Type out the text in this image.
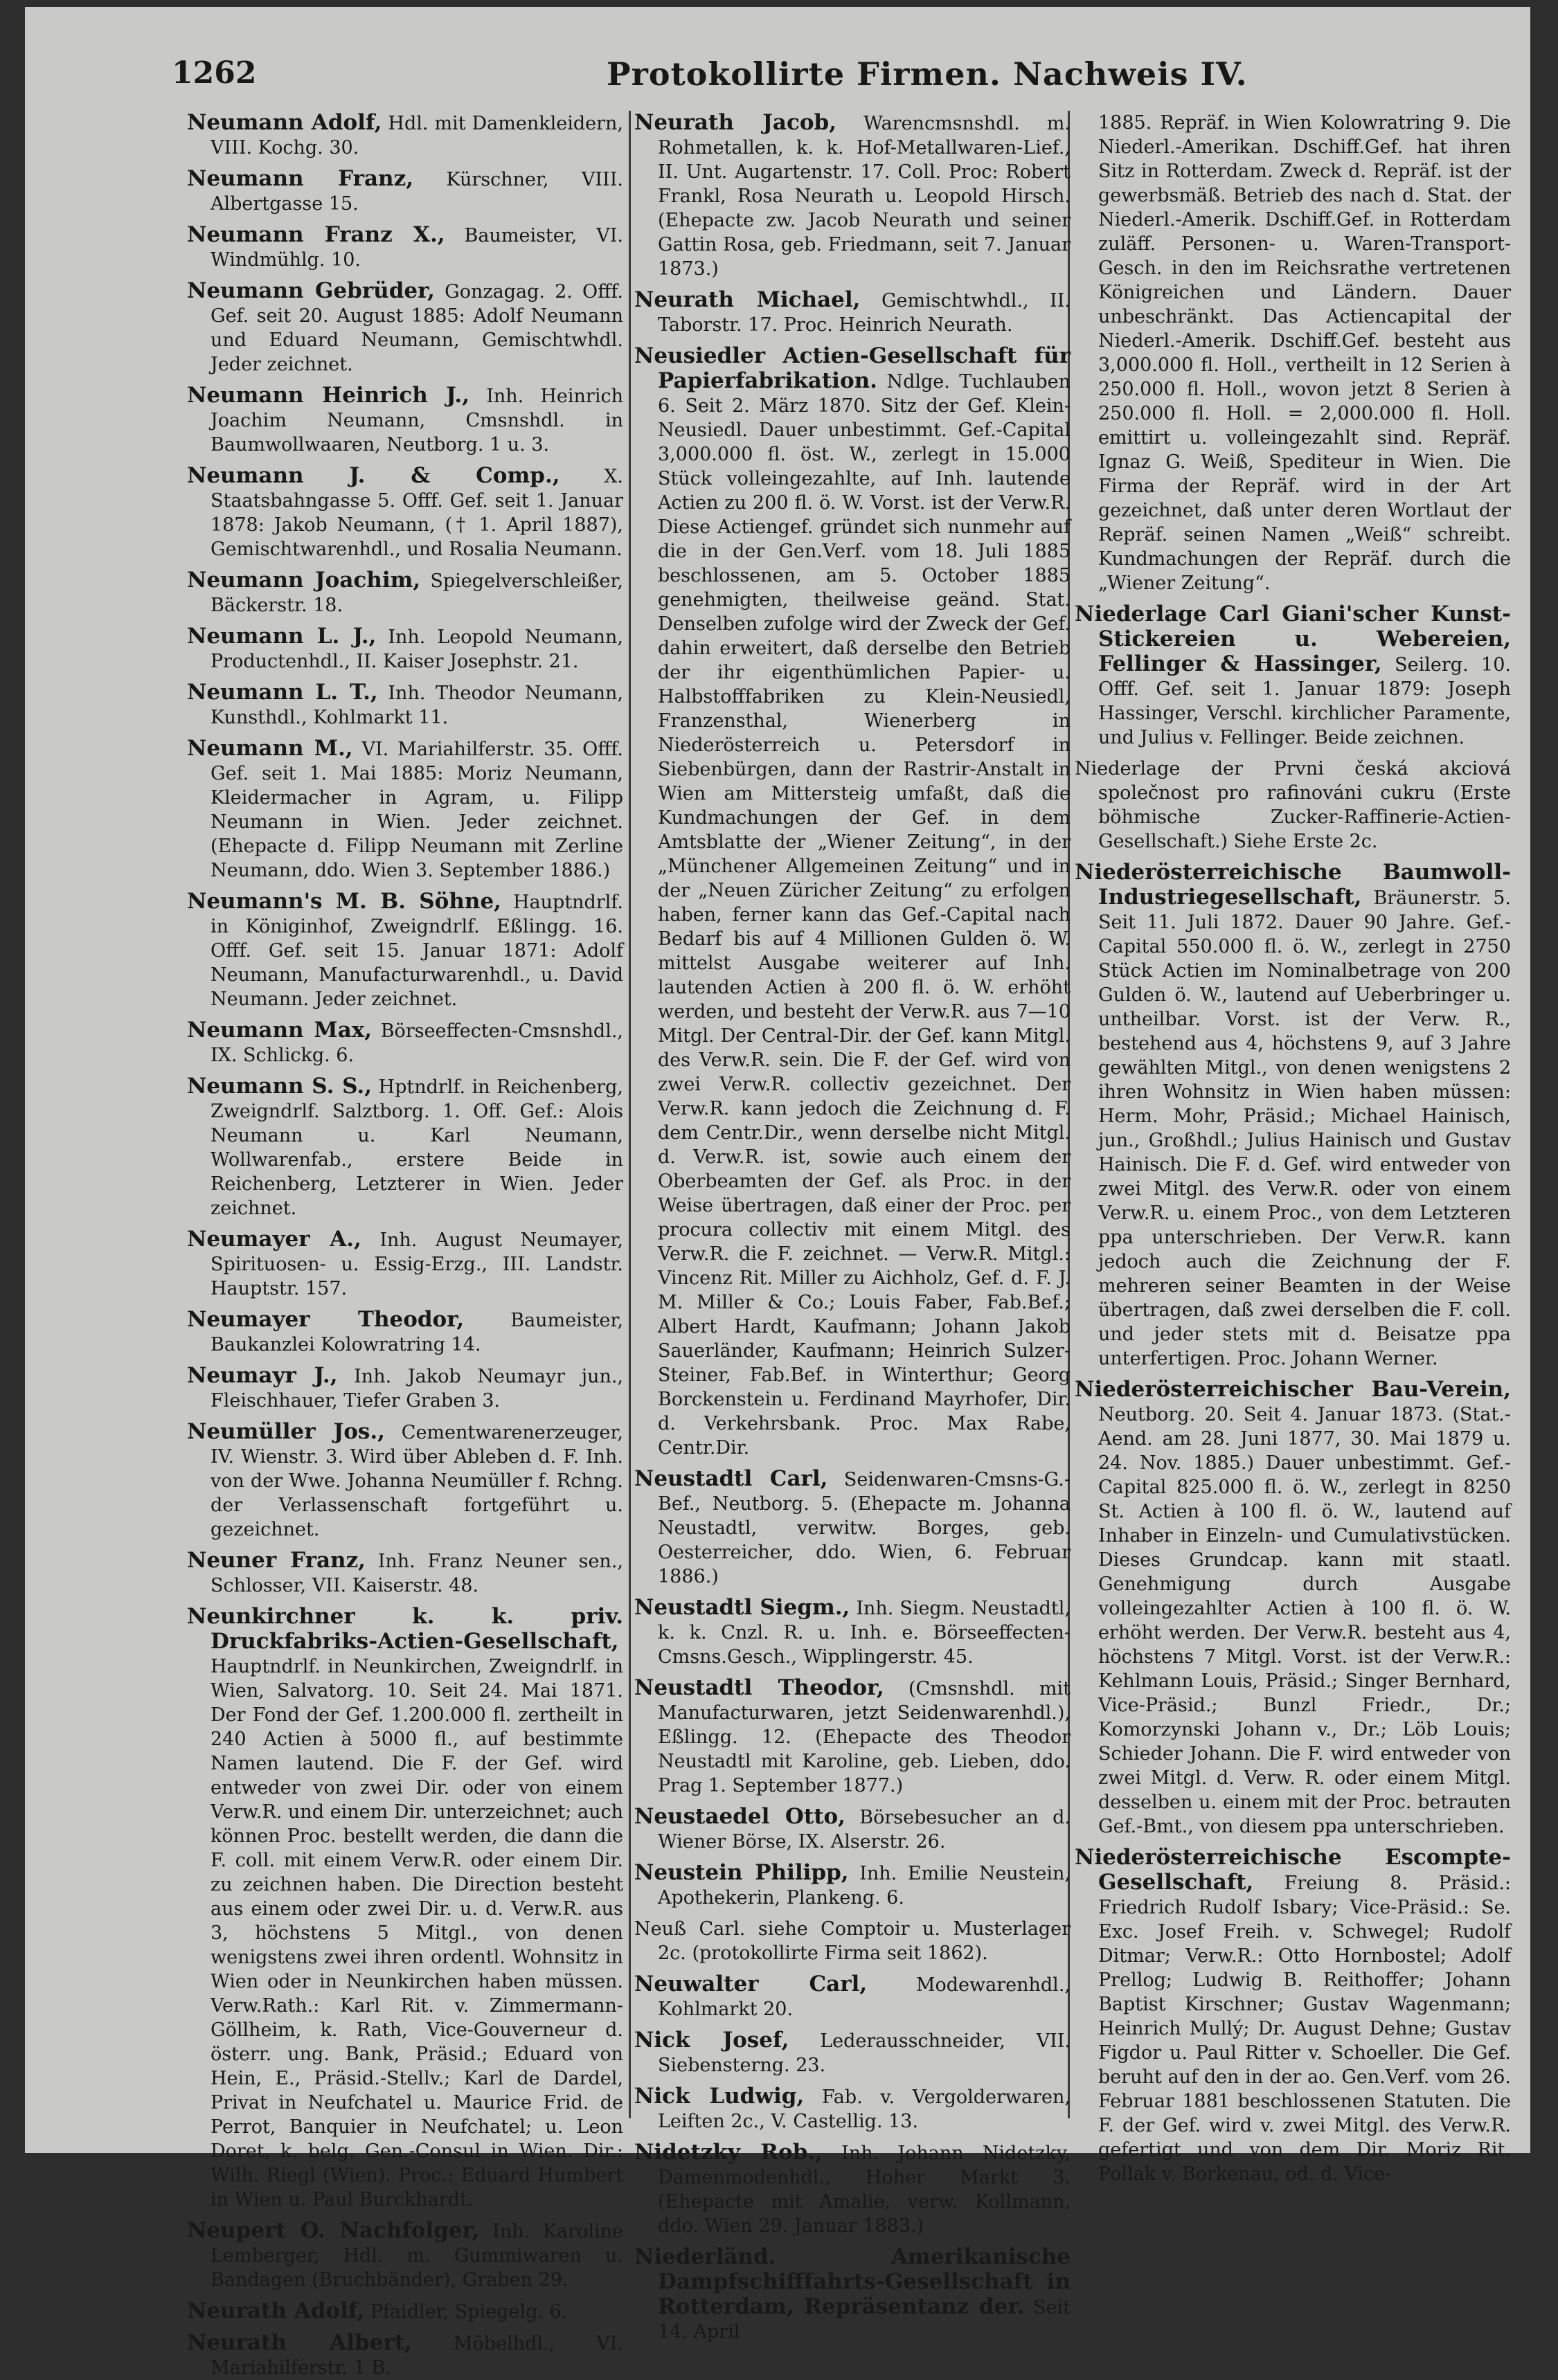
1262	Protokollirte Firmen. Nachweis IV.

Neumann Adolf, Hdl. mit Damenkleidern, VIII. Kochg. 30.

Neumann Franz, Kürschner, VIII. Albertgasse 15.

Neumann Franz X., Baumeister, VI. Windmühlg. 10.

Neumann Gebrüder, Gonzagag. 2. Offf. Gef. seit 20. August 1885: Adolf Neumann und Eduard Neumann, Gemischtwhdl. Jeder zeichnet.

Neumann Heinrich J., Inh. Heinrich Joachim Neumann, Cmsnshdl. in Baumwollwaaren, Neutborg. 1 u. 3.

Neumann J. & Comp., X. Staatsbahngasse 5. Offf. Gef. seit 1. Januar 1878: Jakob Neumann, († 1. April 1887), Gemischtwarenhdl., und Rosalia Neumann.

Neumann Joachim, Spiegelverschleißer, Bäckerstr. 18.

Neumann L. J., Inh. Leopold Neumann, Productenhdl., II. Kaiser Josephstr. 21.

Neumann L. T., Inh. Theodor Neumann, Kunsthdl., Kohlmarkt 11.

Neumann M., VI. Mariahilferstr. 35. Offf. Gef. seit 1. Mai 1885: Moriz Neumann, Kleidermacher in Agram, u. Filipp Neumann in Wien. Jeder zeichnet. (Ehepacte d. Filipp Neumann mit Zerline Neumann, ddo. Wien 3. September 1886.)

Neumann's M. B. Söhne, Hauptndrlf. in Königinhof, Zweigndrlf. Eßlingg. 16. Offf. Gef. seit 15. Januar 1871: Adolf Neumann, Manufacturwarenhdl., u. David Neumann. Jeder zeichnet.

Neumann Max, Börseeffecten-Cmsnshdl., IX. Schlickg. 6.

Neumann S. S., Hptndrlf. in Reichenberg, Zweigndrlf. Salztborg. 1. Off. Gef.: Alois Neumann u. Karl Neumann, Wollwarenfab., erstere Beide in Reichenberg, Letzterer in Wien. Jeder zeichnet.

Neumayer A., Inh. August Neumayer, Spirituosen- u. Essig-Erzg., III. Landstr. Hauptstr. 157.

Neumayer Theodor, Baumeister, Baukanzlei Kolowratring 14.

Neumayr J., Inh. Jakob Neumayr jun., Fleischhauer, Tiefer Graben 3.

Neumüller Jos., Cementwarenerzeuger, IV. Wienstr. 3. Wird über Ableben d. F. Inh. von der Wwe. Johanna Neumüller f. Rchng. der Verlassenschaft fortgeführt u. gezeichnet.

Neuner Franz, Inh. Franz Neuner sen., Schlosser, VII. Kaiserstr. 48.

Neunkirchner k. k. priv. Druckfabriks-Actien-Gesellschaft, Hauptndrlf. in Neunkirchen, Zweigndrlf. in Wien, Salvatorg. 10. Seit 24. Mai 1871. Der Fond der Gef. 1.200.000 fl. zertheilt in 240 Actien à 5000 fl., auf bestimmte Namen lautend. Die F. der Gef. wird entweder von zwei Dir. oder von einem Verw.R. und einem Dir. unterzeichnet; auch können Proc. bestellt werden, die dann die F. coll. mit einem Verw.R. oder einem Dir. zu zeichnen haben. Die Direction besteht aus einem oder zwei Dir. u. d. Verw.R. aus 3, höchstens 5 Mitgl., von denen wenigstens zwei ihren ordentl. Wohnsitz in Wien oder in Neunkirchen haben müssen. Verw.Rath.: Karl Rit. v. Zimmermann-Göllheim, k. Rath, Vice-Gouverneur d. österr. ung. Bank, Präsid.; Eduard von Hein, E., Präsid.-Stellv.; Karl de Dardel, Privat in Neufchatel u. Maurice Frid. de Perrot, Banquier in Neufchatel; u. Leon Doret, k. belg. Gen.-Consul in Wien. Dir.: Wilh. Riegl (Wien). Proc.: Eduard Humbert in Wien u. Paul Burckhardt.

Neupert O. Nachfolger, Inh. Karoline Lemberger, Hdl. m. Gummiwaren u. Bandagen (Bruchbänder), Graben 29.

Neurath Adolf, Pfaidler, Spiegelg. 6.

Neurath Albert, Möbelhdl., VI. Mariahilferstr. 1 B.

Neurath Jacob, Warencmsnshdl. m. Rohmetallen, k. k. Hof-Metallwaren-Lief., II. Unt. Augartenstr. 17. Coll. Proc: Robert Frankl, Rosa Neurath u. Leopold Hirsch. (Ehepacte zw. Jacob Neurath und seiner Gattin Rosa, geb. Friedmann, seit 7. Januar 1873.)

Neurath Michael, Gemischtwhdl., II. Taborstr. 17. Proc. Heinrich Neurath.

Neusiedler Actien-Gesellschaft für Papierfabrikation. Ndlge. Tuchlauben 6. Seit 2. März 1870. Sitz der Gef. Klein-Neusiedl. Dauer unbestimmt. Gef.-Capital 3,000.000 fl. öst. W., zerlegt in 15.000 Stück volleingezahlte, auf Inh. lautende Actien zu 200 fl. ö. W. Vorst. ist der Verw.R. Diese Actiengef. gründet sich nunmehr auf die in der Gen.Verf. vom 18. Juli 1885 beschlossenen, am 5. October 1885 genehmigten, theilweise geänd. Stat. Denselben zufolge wird der Zweck der Gef. dahin erweitert, daß derselbe den Betrieb der ihr eigenthümlichen Papier- u. Halbstofffabriken zu Klein-Neusiedl, Franzensthal, Wienerberg in Niederösterreich u. Petersdorf in Siebenbürgen, dann der Rastrir-Anstalt in Wien am Mittersteig umfaßt, daß die Kundmachungen der Gef. in dem Amtsblatte der „Wiener Zeitung“, in der „Münchener Allgemeinen Zeitung“ und in der „Neuen Züricher Zeitung“ zu erfolgen haben, ferner kann das Gef.-Capital nach Bedarf bis auf 4 Millionen Gulden ö. W. mittelst Ausgabe weiterer auf Inh. lautenden Actien à 200 fl. ö. W. erhöht werden, und besteht der Verw.R. aus 7—10 Mitgl. Der Central-Dir. der Gef. kann Mitgl. des Verw.R. sein. Die F. der Gef. wird von zwei Verw.R. collectiv gezeichnet. Der Verw.R. kann jedoch die Zeichnung d. F. dem Centr.Dir., wenn derselbe nicht Mitgl. d. Verw.R. ist, sowie auch einem der Oberbeamten der Gef. als Proc. in der Weise übertragen, daß einer der Proc. per procura collectiv mit einem Mitgl. des Verw.R. die F. zeichnet. — Verw.R. Mitgl.: Vincenz Rit. Miller zu Aichholz, Gef. d. F. J. M. Miller & Co.; Louis Faber, Fab.Bef.; Albert Hardt, Kaufmann; Johann Jakob Sauerländer, Kaufmann; Heinrich Sulzer-Steiner, Fab.Bef. in Winterthur; Georg Borckenstein u. Ferdinand Mayrhofer, Dir. d. Verkehrsbank. Proc. Max Rabe, Centr.Dir.

Neustadtl Carl, Seidenwaren-Cmsns-G.-Bef., Neutborg. 5. (Ehepacte m. Johanna Neustadtl, verwitw. Borges, geb. Oesterreicher, ddo. Wien, 6. Februar 1886.)

Neustadtl Siegm., Inh. Siegm. Neustadtl, k. k. Cnzl. R. u. Inh. e. Börseeffecten-Cmsns.Gesch., Wipplingerstr. 45.

Neustadtl Theodor, (Cmsnshdl. mit Manufacturwaren, jetzt Seidenwarenhdl.), Eßlingg. 12. (Ehepacte des Theodor Neustadtl mit Karoline, geb. Lieben, ddo. Prag 1. September 1877.)

Neustaedel Otto, Börsebesucher an d. Wiener Börse, IX. Alserstr. 26.

Neustein Philipp, Inh. Emilie Neustein, Apothekerin, Plankeng. 6.

Neuß Carl. siehe Comptoir u. Musterlager 2c. (protokollirte Firma seit 1862).

Neuwalter Carl,	Modewarenhdl., Kohlmarkt 20.

Nick Josef, Lederausschneider, VII. Siebensterng. 23.

Nick Ludwig, Fab. v. Vergolderwaren, Leiften 2c., V. Castellig. 13.

Nidetzky Rob., Inh. Johann Nidetzky, Damenmodenhdl., Hoher Markt 3. (Ehepacte mit Amalie, verw. Kollmann, ddo. Wien 29. Januar 1883.)

Niederländ. Amerikanische Dampfschifffahrts-Gesellschaft in Rotterdam, Repräsentanz der. Seit 14. April

1885. Repräf. in Wien Kolowratring 9. Die Niederl.-Amerikan. Dschiff.Gef. hat ihren Sitz in Rotterdam. Zweck d. Repräf. ist der gewerbsmäß. Betrieb des nach d. Stat. der Niederl.-Amerik. Dschiff.Gef. in Rotterdam zuläff. Personen- u. Waren-Transport-Gesch. in den im Reichsrathe vertretenen Königreichen und Ländern. Dauer unbeschränkt. Das Actiencapital der Niederl.-Amerik. Dschiff.Gef. besteht aus 3,000.000 fl. Holl., vertheilt in 12 Serien à 250.000 fl. Holl., wovon jetzt 8 Serien à 250.000 fl. Holl. = 2,000.000 fl. Holl. emittirt u. volleingezahlt sind. Repräf. Ignaz G. Weiß, Spediteur in Wien. Die Firma der Repräf. wird in der Art gezeichnet, daß unter deren Wortlaut der Repräf. seinen Namen „Weiß“ schreibt. Kundmachungen der Repräf. durch die „Wiener Zeitung“.

Niederlage Carl Giani'scher Kunst-Stickereien u. Webereien, Fellinger & Hassinger, Seilerg. 10. Offf. Gef. seit 1. Januar 1879: Joseph Hassinger, Verschl. kirchlicher Paramente, und Julius v. Fellinger. Beide zeichnen.

Niederlage der Prvni česká akciová společnost pro rafinováni cukru (Erste böhmische Zucker-Raffinerie-Actien-Gesellschaft.) Siehe Erste 2c.

Niederösterreichische Baumwoll-Industriegesellschaft, Bräunerstr. 5. Seit 11. Juli 1872. Dauer 90 Jahre. Gef.-Capital 550.000 fl. ö. W., zerlegt in 2750 Stück Actien im Nominalbetrage von 200 Gulden ö. W., lautend auf Ueberbringer u. untheilbar. Vorst. ist der Verw. R., bestehend aus 4, höchstens 9, auf 3 Jahre gewählten Mitgl., von denen wenigstens 2 ihren Wohnsitz in Wien haben müssen: Herm. Mohr, Präsid.; Michael Hainisch, jun., Großhdl.; Julius Hainisch und Gustav Hainisch. Die F. d. Gef. wird entweder von zwei Mitgl. des Verw.R. oder von einem Verw.R. u. einem Proc., von dem Letzteren ppa unterschrieben. Der Verw.R. kann jedoch auch die Zeichnung der F. mehreren seiner Beamten in der Weise übertragen, daß zwei derselben die F. coll. und jeder stets mit d. Beisatze ppa unterfertigen. Proc. Johann Werner.

Niederösterreichischer Bau-Verein, Neutborg. 20. Seit 4. Januar 1873. (Stat.-Aend. am 28. Juni 1877, 30. Mai 1879 u. 24. Nov. 1885.) Dauer unbestimmt. Gef.-Capital 825.000 fl. ö. W., zerlegt in 8250 St. Actien à 100 fl. ö. W., lautend auf Inhaber in Einzeln- und Cumulativstücken. Dieses Grundcap. kann mit staatl. Genehmigung durch Ausgabe volleingezahlter Actien à 100 fl. ö. W. erhöht werden. Der Verw.R. besteht aus 4, höchstens 7 Mitgl. Vorst. ist der Verw.R.: Kehlmann Louis, Präsid.; Singer Bernhard, Vice-Präsid.; Bunzl Friedr., Dr.; Komorzynski Johann v., Dr.; Löb Louis; Schieder Johann. Die F. wird entweder von zwei Mitgl. d. Verw. R. oder einem Mitgl. desselben u. einem mit der Proc. betrauten Gef.-Bmt., von diesem ppa unterschrieben.

Niederösterreichische Escompte-Gesellschaft, Freiung 8. Präsid.: Friedrich Rudolf Isbary; Vice-Präsid.: Se. Exc. Josef Freih. v. Schwegel; Rudolf Ditmar; Verw.R.: Otto Hornbostel; Adolf Prellog; Ludwig B. Reithoffer; Johann Baptist Kirschner; Gustav Wagenmann; Heinrich Mullý; Dr. August Dehne; Gustav Figdor u. Paul Ritter v. Schoeller. Die Gef. beruht auf den in der ao. Gen.Verf. vom 26. Februar 1881 beschlossenen Statuten. Die F. der Gef. wird v. zwei Mitgl. des Verw.R. gefertigt und von dem Dir. Moriz Rit. Pollak v. Borkenau, od. d. Vice-
